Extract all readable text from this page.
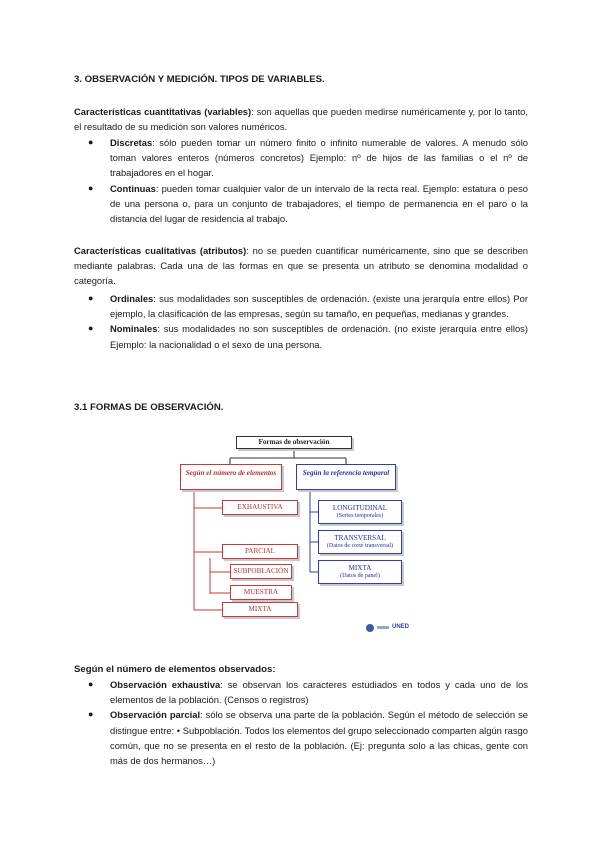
3. OBSERVACIÓN Y MEDICIÓN. TIPOS DE VARIABLES.
Características cuantitativas (variables): son aquellas que pueden medirse numéricamente y, por lo tanto, el resultado de su medición son valores numéricos.
● Discretas: sólo pueden tomar un número finito o infinito numerable de valores. A menudo sólo toman valores enteros (números concretos) Ejemplo: nº de hijos de las familias o el nº de trabajadores en el hogar.
● Continuas: pueden tomar cualquier valor de un intervalo de la recta real. Ejemplo: estatura o peso de una persona o, para un conjunto de trabajadores, el tiempo de permanencia en el paro o la distancia del lugar de residencia al trabajo.
Características cualitativas (atributos): no se pueden cuantificar numéricamente, sino que se describen mediante palabras. Cada una de las formas en que se presenta un atributo se denomina modalidad o categoría.
● Ordinales: sus modalidades son susceptibles de ordenación. (existe una jerarquía entre ellos) Por ejemplo, la clasificación de las empresas, según su tamaño, en pequeñas, medianas y grandes.
● Nominales: sus modalidades no son susceptibles de ordenación. (no existe jerarquía entre ellos) Ejemplo: la nacionalidad o el sexo de una persona.
3.1 FORMAS DE OBSERVACIÓN.
Formas de observación
Según el número de elementos	Según la referencia temporal
EXHAUSTIVA
PARCIAL
SUBPOBLACIÓN
MUESTRA
MIXTA
LONGITUDINAL
(Series temporales)
TRANSVERSAL
(Datos de corte transversal)
MIXTA
(Datos de panel)
UNED
Según el número de elementos observados:
● Observación exhaustiva: se observan los caracteres estudiados en todos y cada uno de los elementos de la población. (Censos o registros)
● Observación parcial: sólo se observa una parte de la población. Según el método de selección se distingue entre: • Subpoblación. Todos los elementos del grupo seleccionado comparten algún rasgo común, que no se presenta en el resto de la población. (Ej: pregunta solo a las chicas, gente con más de dos hermanos…)
